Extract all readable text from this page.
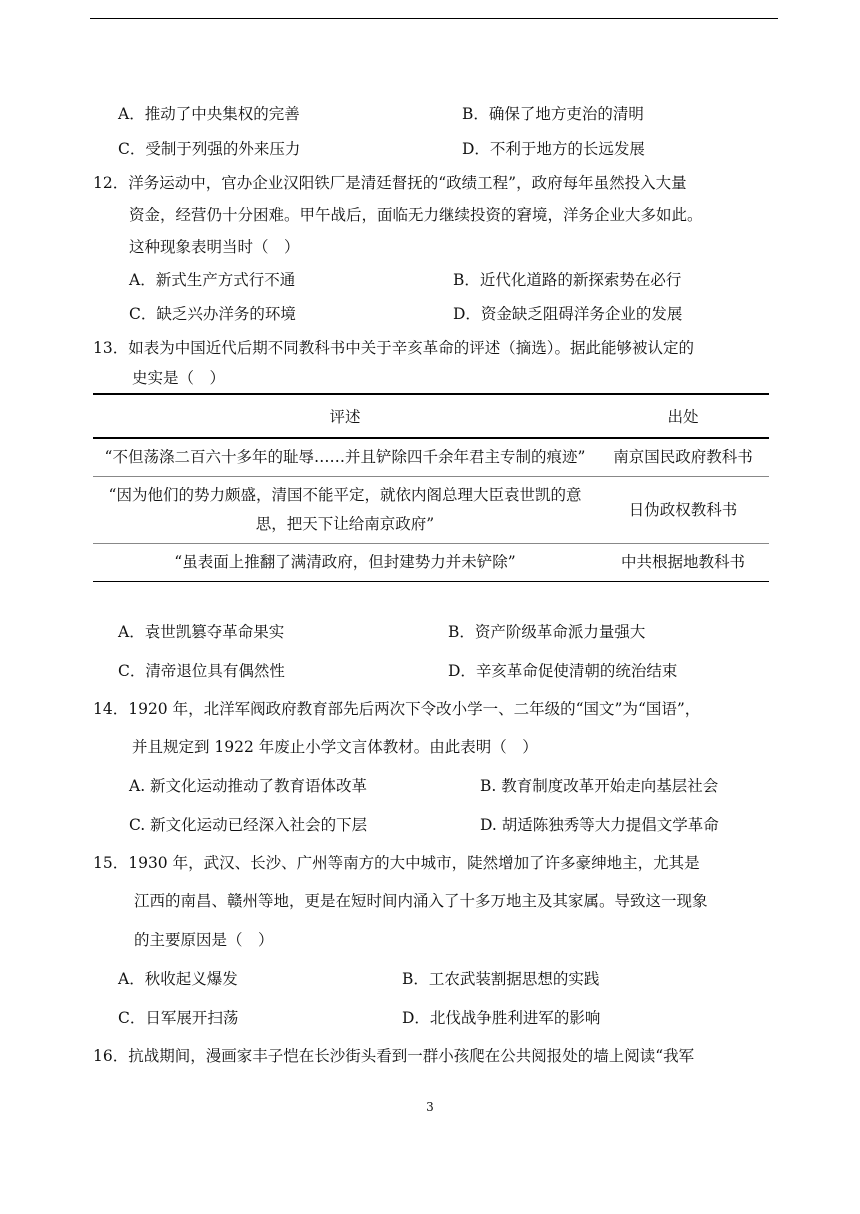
A．推动了中央集权的完善	B．确保了地方吏治的清明
C．受制于列强的外来压力	D．不利于地方的长远发展
12．洋务运动中，官办企业汉阳铁厂是清廷督抚的“政绩工程”，政府每年虽然投入大量
资金，经营仍十分困难。甲午战后，面临无力继续投资的窘境，洋务企业大多如此。
这种现象表明当时（　）
A．新式生产方式行不通	B．近代化道路的新探索势在必行
C．缺乏兴办洋务的环境	D．资金缺乏阻碍洋务企业的发展
13．如表为中国近代后期不同教科书中关于辛亥革命的评述（摘选）。据此能够被认定的
史实是（　）
评述	出处
“不但荡涤二百六十多年的耻辱……并且铲除四千余年君主专制的痕迹”	南京国民政府教科书
“因为他们的势力颇盛，清国不能平定，就依内阁总理大臣袁世凯的意思，把天下让给南京政府”	日伪政权教科书
“虽表面上推翻了满清政府，但封建势力并未铲除”	中共根据地教科书
A．袁世凯篡夺革命果实	B．资产阶级革命派力量强大
C．清帝退位具有偶然性	D．辛亥革命促使清朝的统治结束
14．1920 年，北洋军阀政府教育部先后两次下令改小学一、二年级的“国文”为“国语”，
并且规定到 1922 年废止小学文言体教材。由此表明（　）
A. 新文化运动推动了教育语体改革	B. 教育制度改革开始走向基层社会
C. 新文化运动已经深入社会的下层	D. 胡适陈独秀等大力提倡文学革命
15．1930 年，武汉、长沙、广州等南方的大中城市，陡然增加了许多豪绅地主，尤其是
江西的南昌、赣州等地，更是在短时间内涌入了十多万地主及其家属。导致这一现象
的主要原因是（　）
A．秋收起义爆发	B．工农武装割据思想的实践
C．日军展开扫荡	D．北伐战争胜利进军的影响
16．抗战期间，漫画家丰子恺在长沙街头看到一群小孩爬在公共阅报处的墙上阅读“我军
3
